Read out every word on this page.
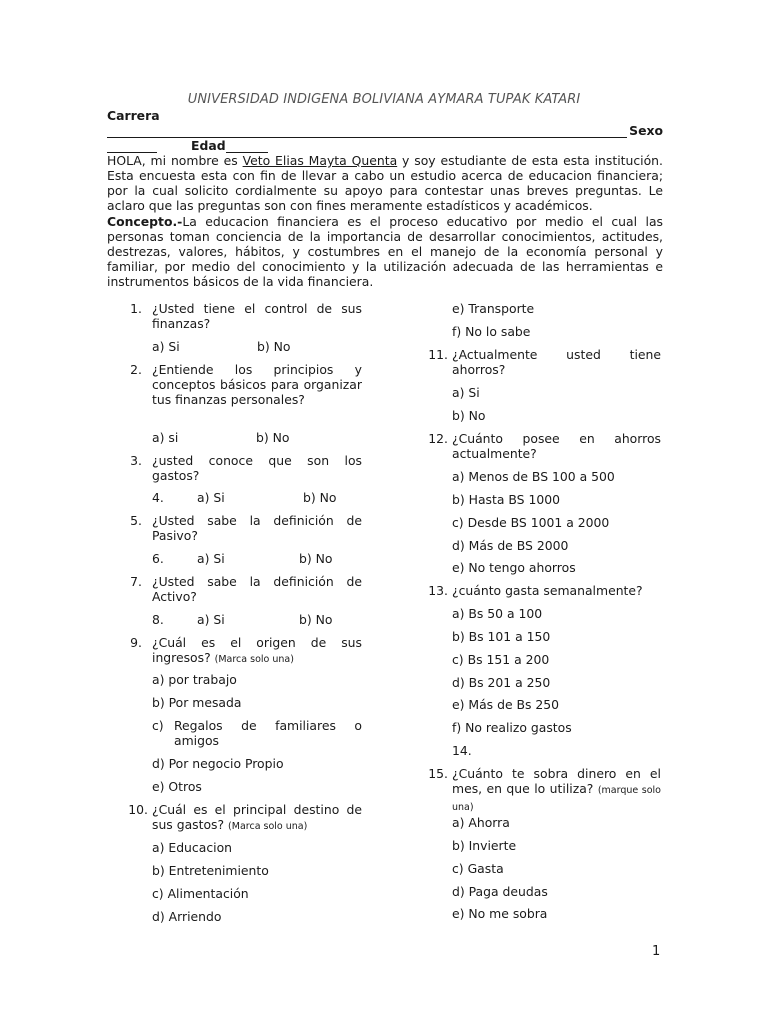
UNIVERSIDAD INDIGENA BOLIVIANA AYMARA TUPAK KATARI
Carrera
Sexo
Edad
HOLA, mi nombre es Veto Elias Mayta Quenta y soy estudiante de esta esta institución. Esta encuesta esta con fin de llevar a cabo un estudio acerca de educacion financiera; por la cual solicito cordialmente su apoyo para contestar unas breves preguntas. Le aclaro que las preguntas son con fines meramente estadísticos y académicos.
Concepto.-La educacion financiera es el proceso educativo por medio el cual las personas toman conciencia de la importancia de desarrollar conocimientos, actitudes, destrezas, valores, hábitos, y costumbres en el manejo de la economía personal y familiar, por medio del conocimiento y la utilización adecuada de las herramientas e instrumentos básicos de la vida financiera.
1. ¿Usted tiene el control de sus finanzas?
a) Si	b) No
2. ¿Entiende los principios y conceptos básicos para organizar tus finanzas personales?
a) si	b) No
3. ¿usted conoce que son los gastos?
4.	a) Si	b) No
5. ¿Usted sabe la definición de Pasivo?
6.	a) Si	b) No
7. ¿Usted sabe la definición de Activo?
8.	a) Si	b) No
9. ¿Cuál es el origen de sus ingresos? (Marca solo una)
a) por trabajo
b) Por mesada
c) Regalos de familiares o amigos
d) Por negocio Propio
e) Otros
10. ¿Cuál es el principal destino de sus gastos? (Marca solo una)
a) Educacion
b) Entretenimiento
c) Alimentación
d) Arriendo
e) Transporte
f) No lo sabe
11. ¿Actualmente usted tiene ahorros?
a) Si
b) No
12. ¿Cuánto posee en ahorros actualmente?
a) Menos de BS 100 a 500
b) Hasta BS 1000
c) Desde BS 1001 a 2000
d) Más de BS 2000
e) No tengo ahorros
13. ¿cuánto gasta semanalmente?
a) Bs 50 a 100
b) Bs 101 a 150
c) Bs 151 a 200
d) Bs 201 a 250
e) Más de Bs 250
f) No realizo gastos
14.
15. ¿Cuánto te sobra dinero en el mes, en que lo utiliza? (marque solo una)
a) Ahorra
b) Invierte
c) Gasta
d) Paga deudas
e) No me sobra
1
